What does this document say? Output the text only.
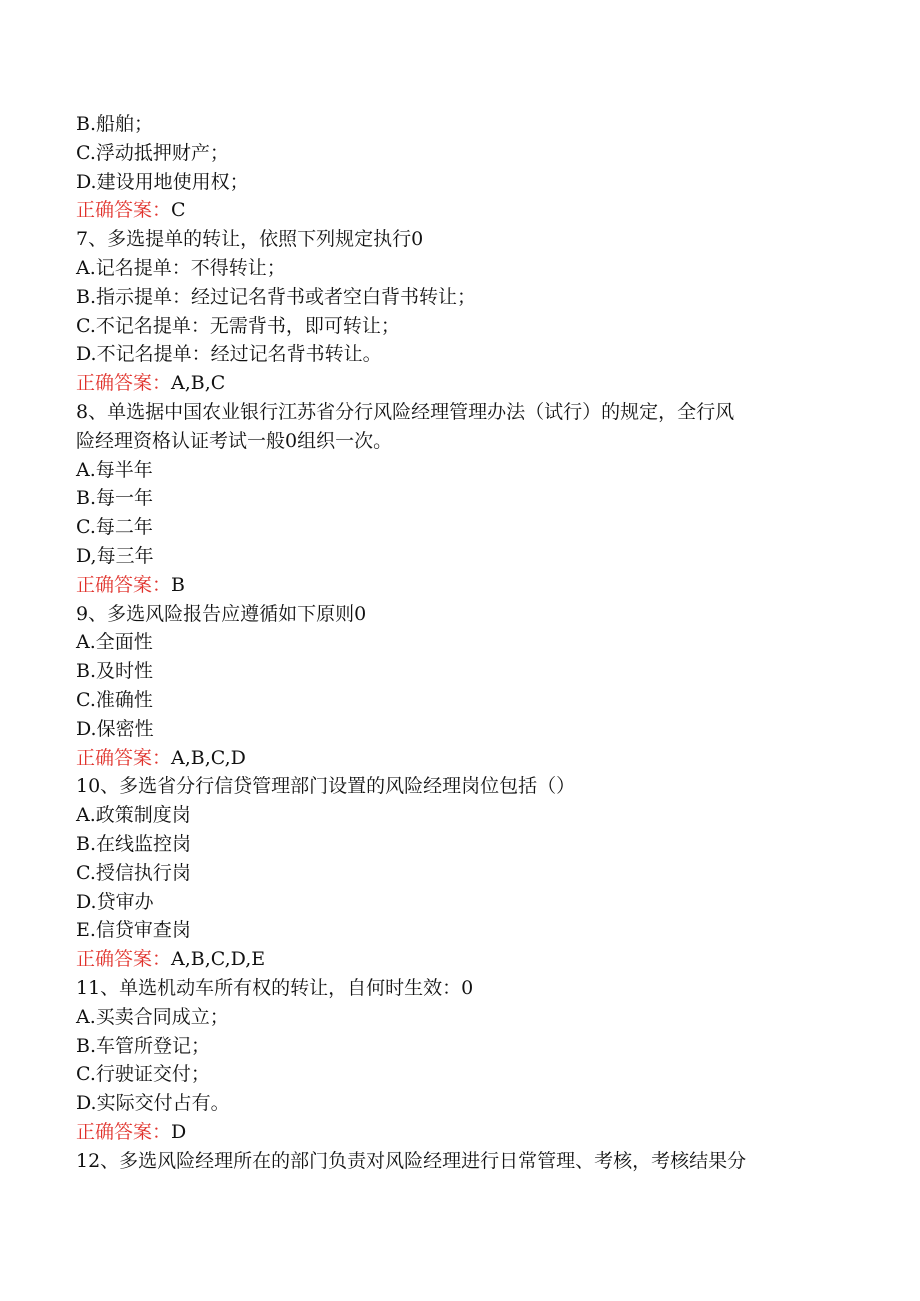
B.船舶；
C.浮动抵押财产；
D.建设用地使用权；
正确答案：C
7、多选提单的转让，依照下列规定执行0
A.记名提单：不得转让；
B.指示提单：经过记名背书或者空白背书转让；
C.不记名提单：无需背书，即可转让；
D.不记名提单：经过记名背书转让。
正确答案：A,B,C
8、单选据中国农业银行江苏省分行风险经理管理办法（试行）的规定，全行风
险经理资格认证考试一般0组织一次。
A.每半年
B.每一年
C.每二年
D,每三年
正确答案：B
9、多选风险报告应遵循如下原则0
A.全面性
B.及时性
C.准确性
D.保密性
正确答案：A,B,C,D
10、多选省分行信贷管理部门设置的风险经理岗位包括（）
A.政策制度岗
B.在线监控岗
C.授信执行岗
D.贷审办
E.信贷审查岗
正确答案：A,B,C,D,E
11、单选机动车所有权的转让，自何时生效：0
A.买卖合同成立；
B.车管所登记；
C.行驶证交付；
D.实际交付占有。
正确答案：D
12、多选风险经理所在的部门负责对风险经理进行日常管理、考核，考核结果分
